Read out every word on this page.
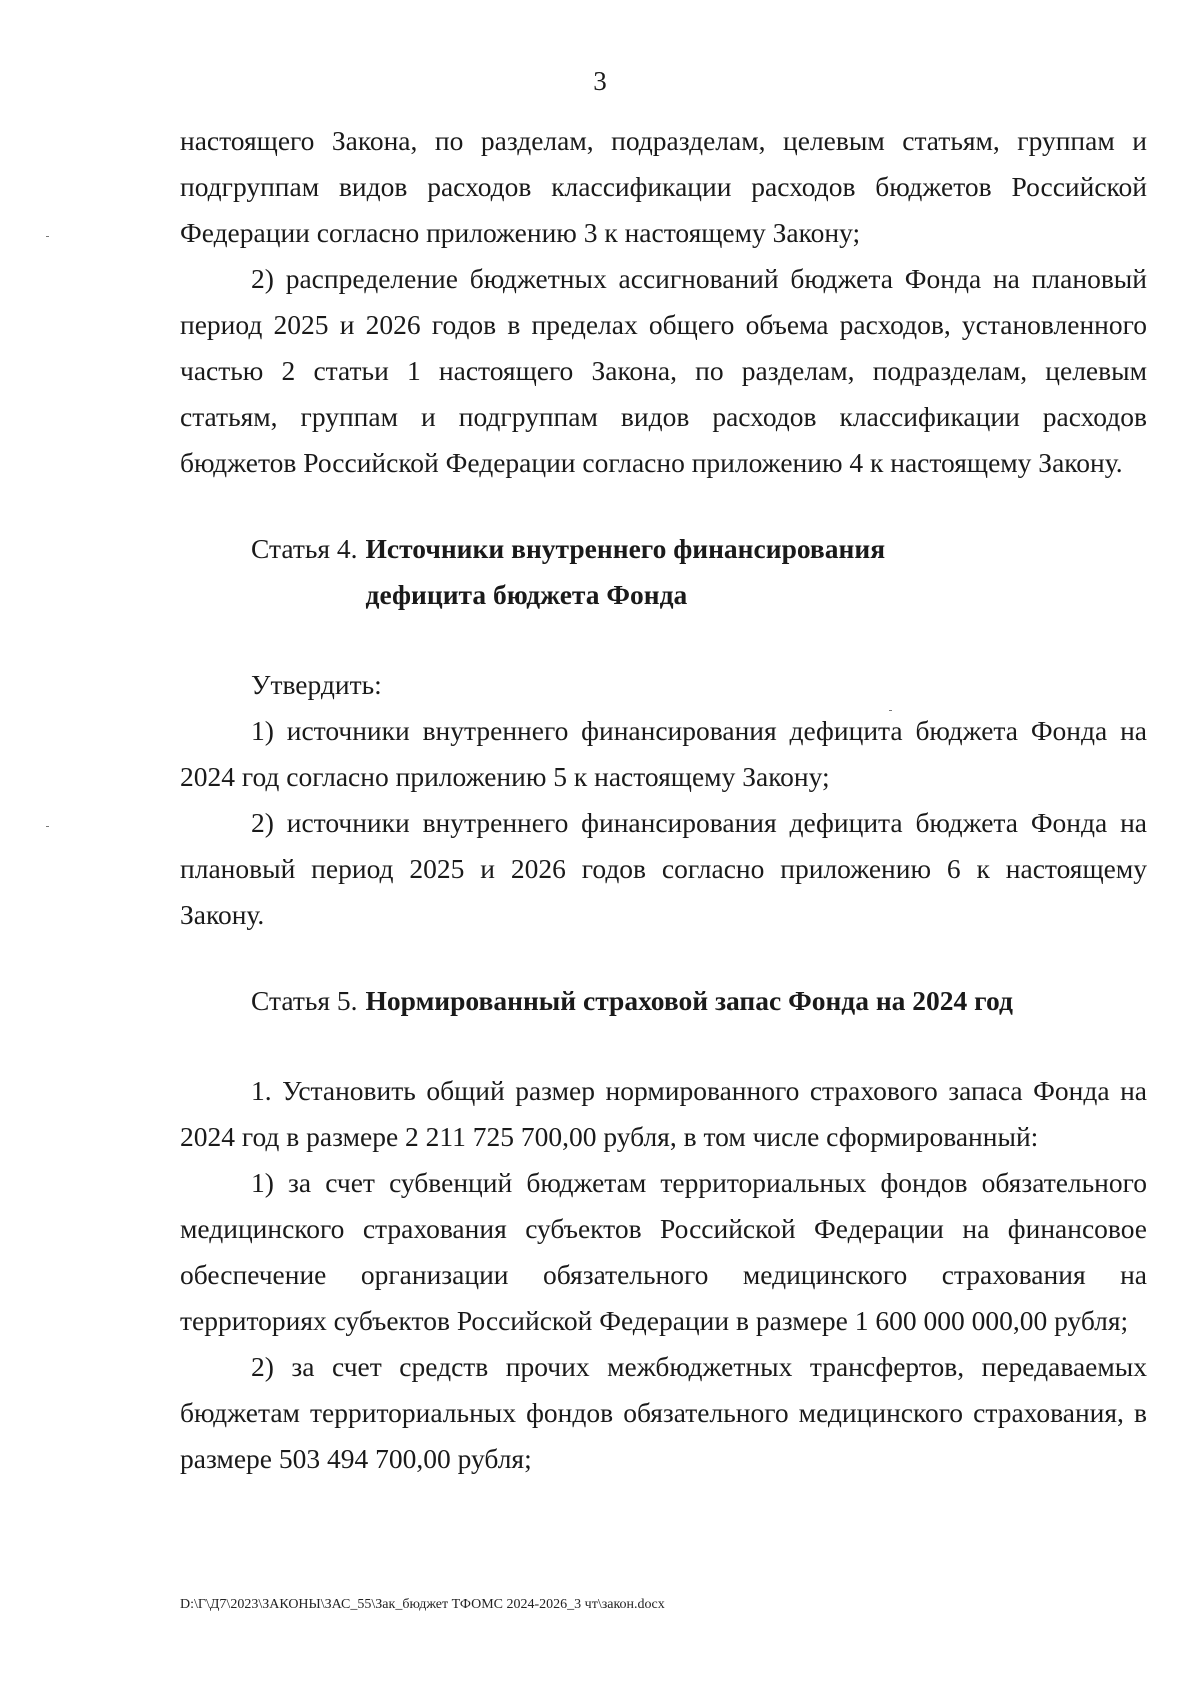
3

настоящего Закона, по разделам, подразделам, целевым статьям, группам и подгруппам видов расходов классификации расходов бюджетов Российской Федерации согласно приложению 3 к настоящему Закону;

2) распределение бюджетных ассигнований бюджета Фонда на плановый период 2025 и 2026 годов в пределах общего объема расходов, установленного частью 2 статьи 1 настоящего Закона, по разделам, подразделам, целевым статьям, группам и подгруппам видов расходов классификации расходов бюджетов Российской Федерации согласно приложению 4 к настоящему Закону.

Статья 4. Источники внутреннего финансирования дефицита бюджета Фонда

Утвердить:

1) источники внутреннего финансирования дефицита бюджета Фонда на 2024 год согласно приложению 5 к настоящему Закону;

2) источники внутреннего финансирования дефицита бюджета Фонда на плановый период 2025 и 2026 годов согласно приложению 6 к настоящему Закону.

Статья 5. Нормированный страховой запас Фонда на 2024 год

1. Установить общий размер нормированного страхового запаса Фонда на 2024 год в размере 2 211 725 700,00 рубля, в том числе сформированный:

1) за счет субвенций бюджетам территориальных фондов обязательного медицинского страхования субъектов Российской Федерации на финансовое обеспечение организации обязательного медицинского страхования на территориях субъектов Российской Федерации в размере 1 600 000 000,00 рубля;

2) за счет средств прочих межбюджетных трансфертов, передаваемых бюджетам территориальных фондов обязательного медицинского страхования, в размере 503 494 700,00 рубля;

D:\Г\Д7\2023\ЗАКОНЫ\ЗАС_55\Зак_бюджет ТФОМС 2024-2026_3 чт\закон.docx
